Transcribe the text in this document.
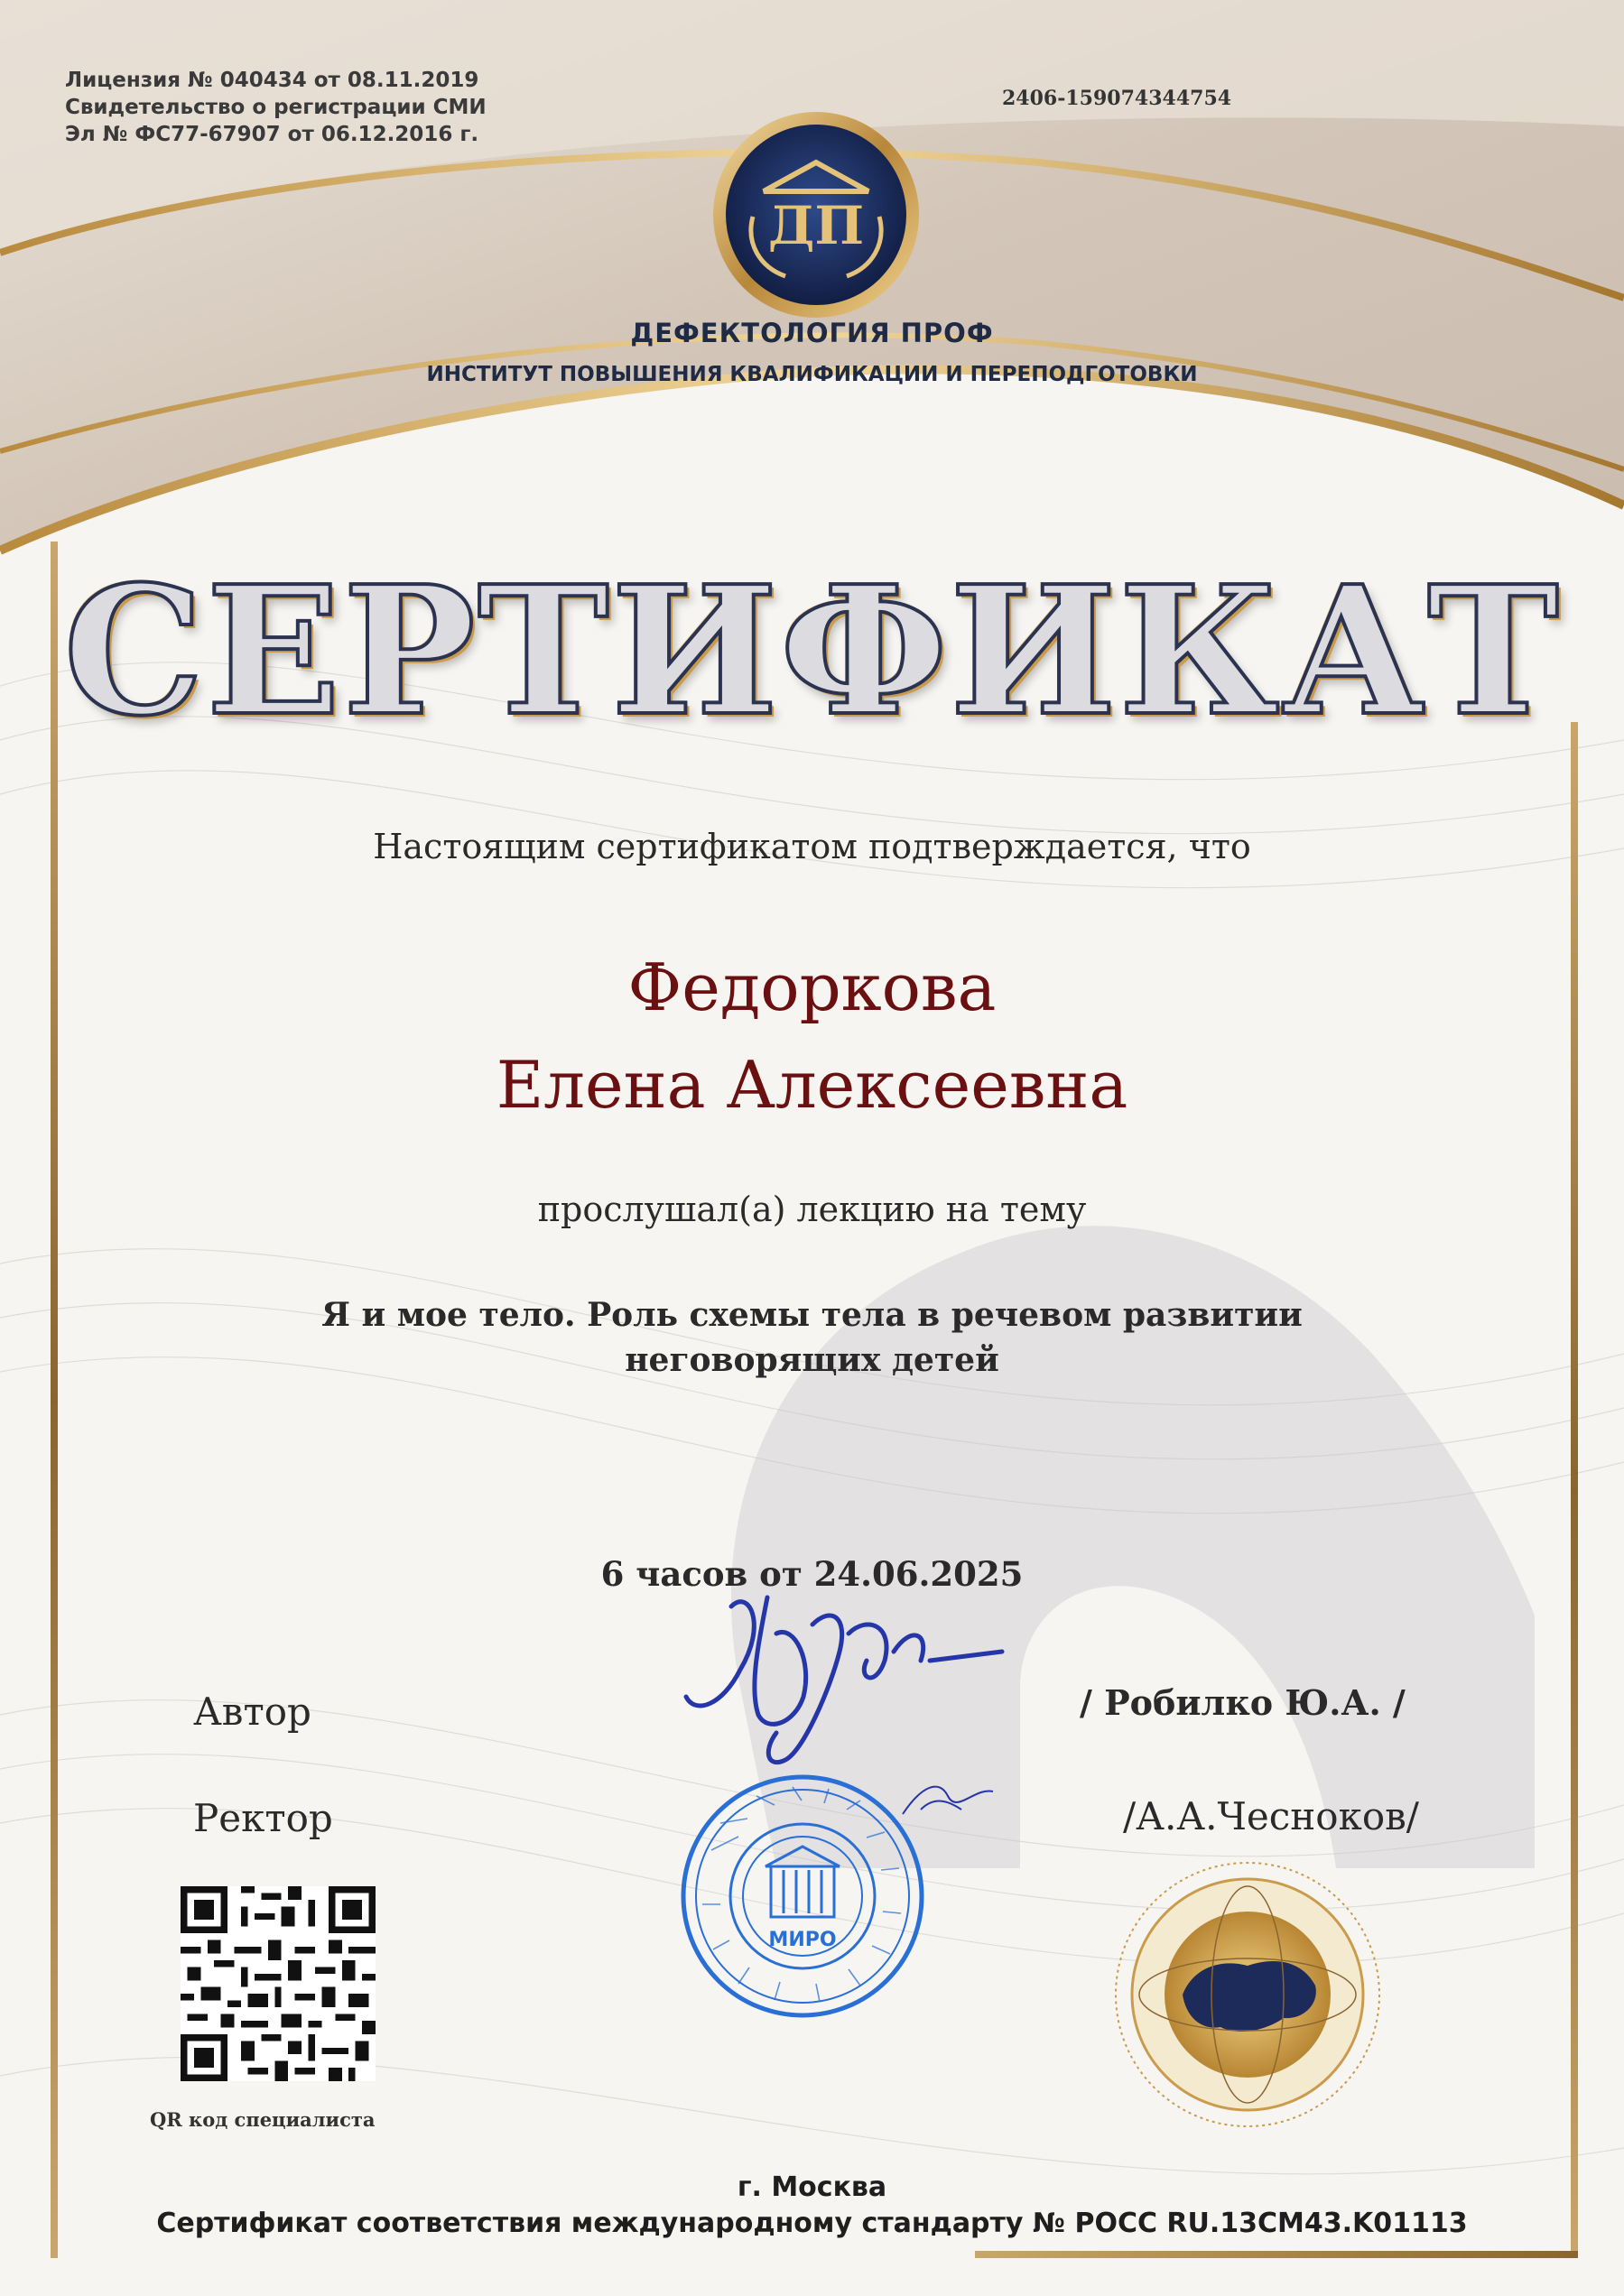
Лицензия № 040434 от 08.11.2019
Свидетельство о регистрации СМИ
Эл № ФС77-67907 от 06.12.2016 г.
2406-159074344754
ДП
ДЕФЕКТОЛОГИЯ ПРОФ
ИНСТИТУТ ПОВЫШЕНИЯ КВАЛИФИКАЦИИ И ПЕРЕПОДГОТОВКИ
СЕРТИФИКАТ
Настоящим сертификатом подтверждается, что
Федоркова
Елена Алексеевна
прослушал(а) лекцию на тему
Я и мое тело. Роль схемы тела в речевом развитии
неговорящих детей
6 часов от 24.06.2025
Автор	/ Робилко Ю.А. /
Ректор	/А.А.Чесноков/
МИРО
QR код специалиста
г. Москва
Сертификат соответствия международному стандарту № РОСС RU.13CM43.K01113
